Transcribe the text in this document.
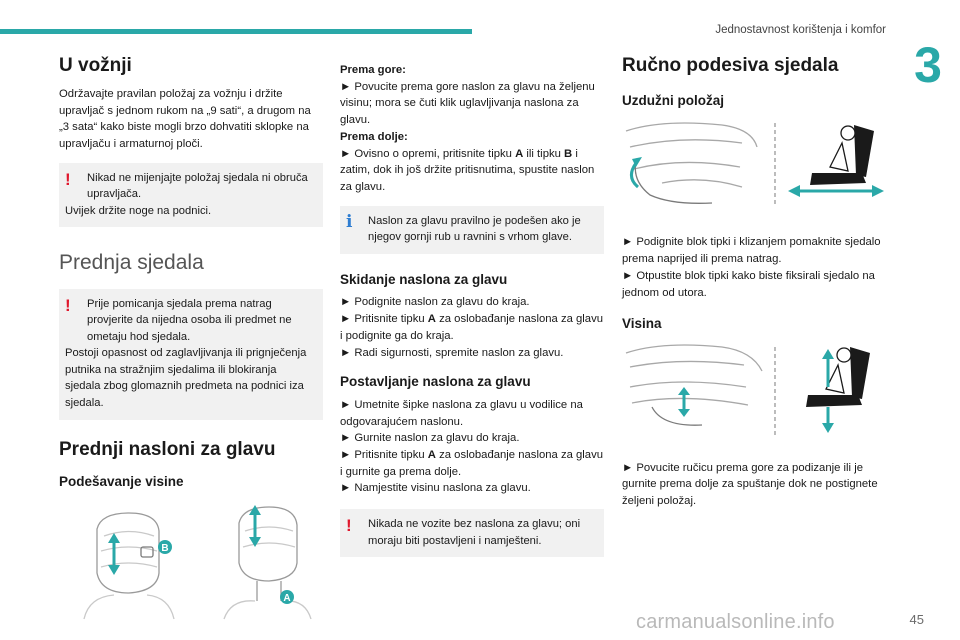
Jednostavnost korištenja i komfor
3
U vožnji

Održavajte pravilan položaj za vožnju i držite upravljač s jednom rukom na „9 sati“, a drugom na „3 sata“ kako biste mogli brzo dohvatiti sklopke na upravljaču i armaturnoj ploči.

!	Nikad ne mijenjajte položaj sjedala ni obruča upravljača.

Uvijek držite noge na podnici.

Prednja sjedala
!	Prije pomicanja sjedala prema natrag provjerite da nijedna osoba ili predmet ne ometaju hod sjedala.

Postoji opasnost od zaglavljivanja ili prignječenja putnika na stražnjim sjedalima ili blokiranja sjedala zbog glomaznih predmeta na podnici iza sjedala.

Prednji nasloni za glavu
Podešavanje visine
B
A

Prema gore:

► Povucite prema gore naslon za glavu na željenu visinu; mora se čuti klik uglavljivanja naslona za glavu.

Prema dolje:

► Ovisno o opremi, pritisnite tipku A ili tipku B i zatim, dok ih još držite pritisnutima, spustite naslon za glavu.

i	Naslon za glavu pravilno je podešen ako je njegov gornji rub u ravnini s vrhom glave.

Skidanje naslona za glavu

► Podignite naslon za glavu do kraja.

► Pritisnite tipku A za oslobađanje naslona za glavu i podignite ga do kraja.

► Radi sigurnosti, spremite naslon za glavu.

Postavljanje naslona za glavu

► Umetnite šipke naslona za glavu u vodilice na odgovarajućem naslonu.

► Gurnite naslon za glavu do kraja.

► Pritisnite tipku A za oslobađanje naslona za glavu i gurnite ga prema dolje.

► Namjestite visinu naslona za glavu.

!	Nikada ne vozite bez naslona za glavu; oni moraju biti postavljeni i namješteni.

Ručno podesiva sjedala
Uzdužni položaj

► Podignite blok tipki i klizanjem pomaknite sjedalo prema naprijed ili prema natrag.

► Otpustite blok tipki kako biste fiksirali sjedalo na jednom od utora.

Visina

► Povucite ručicu prema gore za podizanje ili je gurnite prema dolje za spuštanje dok ne postignete željeni položaj.

45
carmanualsonline.info
